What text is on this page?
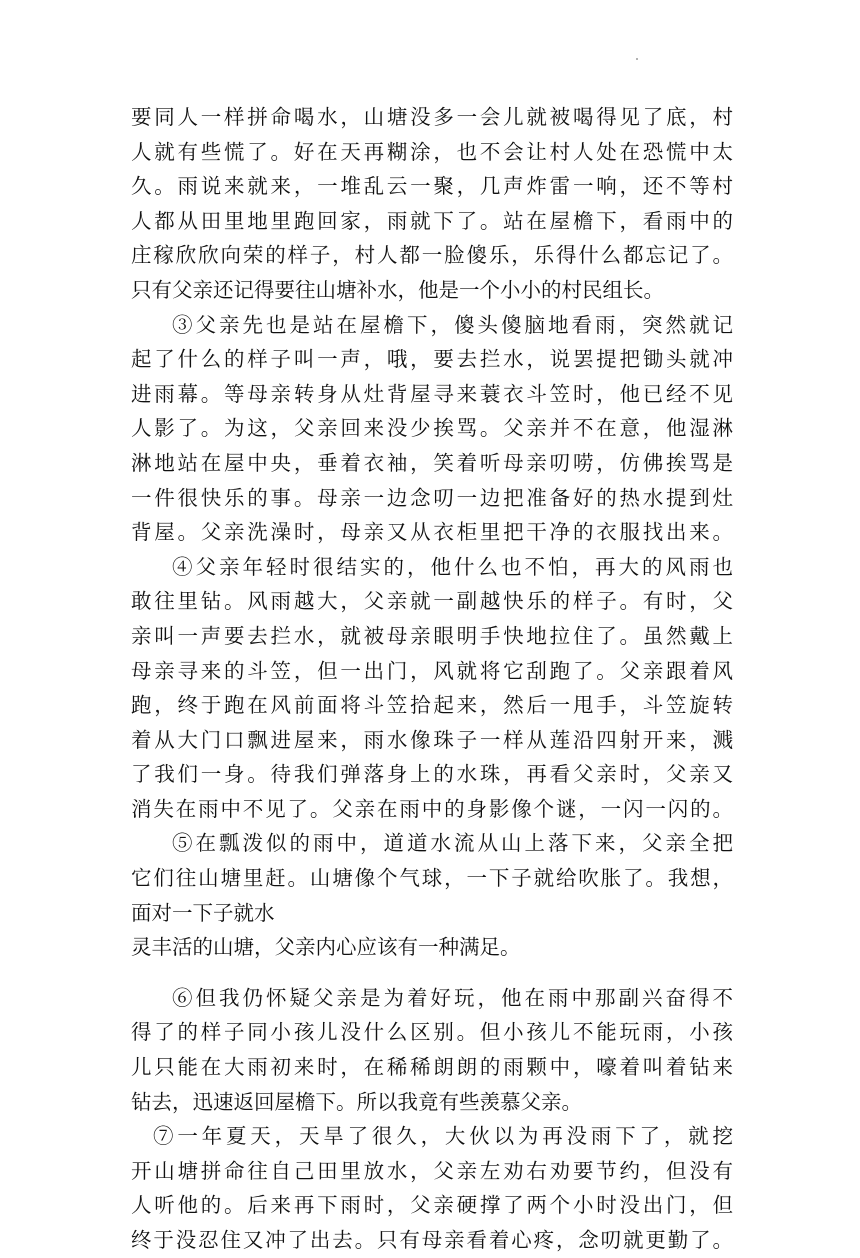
要同人一样拼命喝水，山塘没多一会儿就被喝得见了底，村
人就有些慌了。好在天再糊涂，也不会让村人处在恐慌中太
久。雨说来就来，一堆乱云一聚，几声炸雷一响，还不等村
人都从田里地里跑回家，雨就下了。站在屋檐下，看雨中的
庄稼欣欣向荣的样子，村人都一脸傻乐，乐得什么都忘记了。
只有父亲还记得要往山塘补水，他是一个小小的村民组长。
③父亲先也是站在屋檐下，傻头傻脑地看雨，突然就记
起了什么的样子叫一声，哦，要去拦水，说罢提把锄头就冲
进雨幕。等母亲转身从灶背屋寻来蓑衣斗笠时，他已经不见
人影了。为这，父亲回来没少挨骂。父亲并不在意，他湿淋
淋地站在屋中央，垂着衣袖，笑着听母亲叨唠，仿佛挨骂是
一件很快乐的事。母亲一边念叨一边把准备好的热水提到灶
背屋。父亲洗澡时，母亲又从衣柜里把干净的衣服找出来。
④父亲年轻时很结实的，他什么也不怕，再大的风雨也
敢往里钻。风雨越大，父亲就一副越快乐的样子。有时，父
亲叫一声要去拦水，就被母亲眼明手快地拉住了。虽然戴上
母亲寻来的斗笠，但一出门，风就将它刮跑了。父亲跟着风
跑，终于跑在风前面将斗笠拾起来，然后一甩手，斗笠旋转
着从大门口飘进屋来，雨水像珠子一样从莲沿四射开来，溅
了我们一身。待我们弹落身上的水珠，再看父亲时，父亲又
消失在雨中不见了。父亲在雨中的身影像个谜，一闪一闪的。
⑤在瓢泼似的雨中，道道水流从山上落下来，父亲全把
它们往山塘里赶。山塘像个气球，一下子就给吹胀了。我想，
面对一下子就水
灵丰活的山塘，父亲内心应该有一种满足。
⑥但我仍怀疑父亲是为着好玩，他在雨中那副兴奋得不
得了的样子同小孩儿没什么区别。但小孩儿不能玩雨，小孩
儿只能在大雨初来时，在稀稀朗朗的雨颗中，嚎着叫着钻来
钻去，迅速返回屋檐下。所以我竟有些羡慕父亲。
⑦一年夏天，天旱了很久，大伙以为再没雨下了，就挖
开山塘拼命往自己田里放水，父亲左劝右劝要节约，但没有
人听他的。后来再下雨时，父亲硬撑了两个小时没出门，但
终于没忍住又冲了出去。只有母亲看着心疼，念叨就更勤了。
